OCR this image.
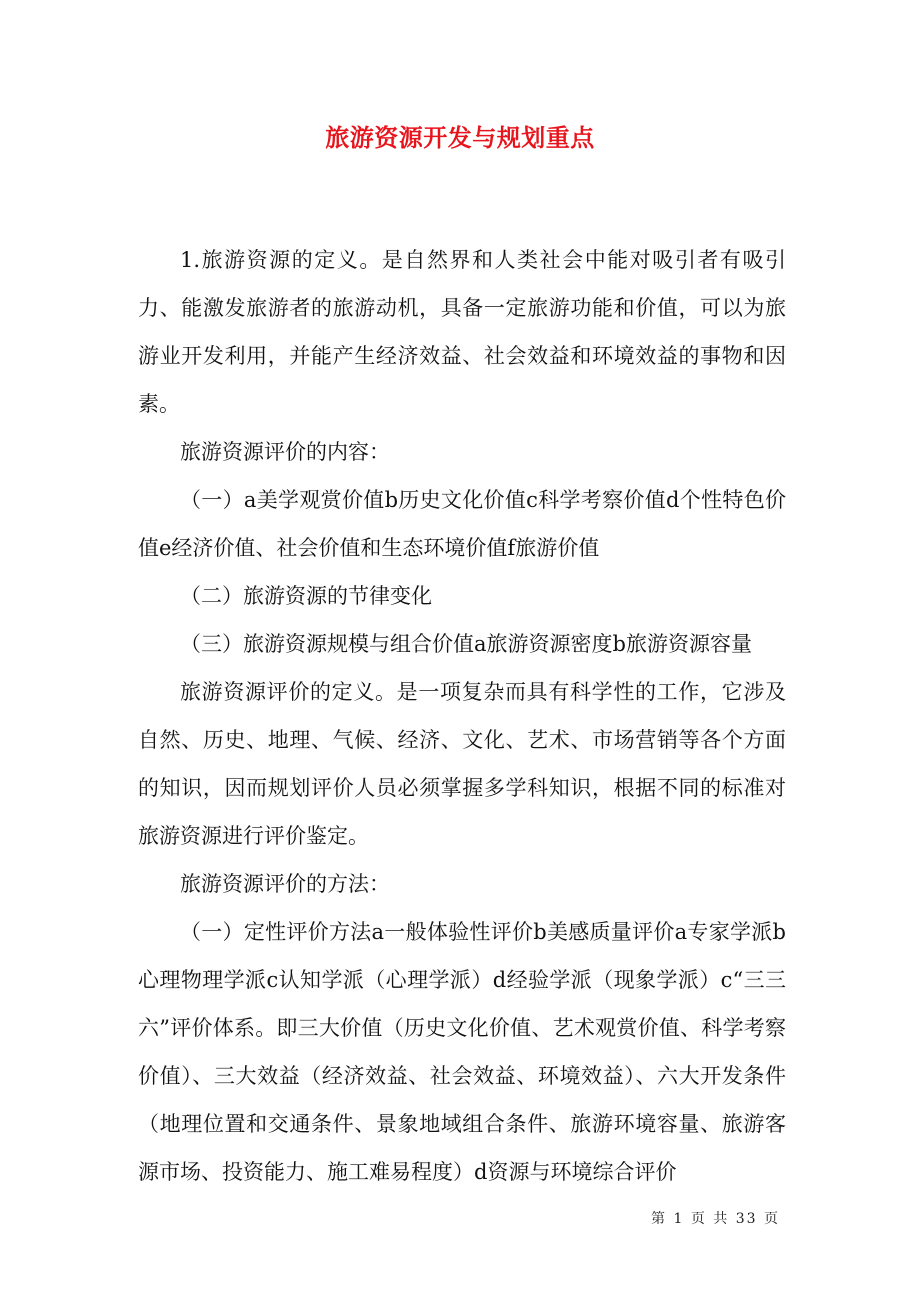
旅游资源开发与规划重点

1.旅游资源的定义。是自然界和人类社会中能对吸引者有吸引力、能激发旅游者的旅游动机，具备一定旅游功能和价值，可以为旅游业开发利用，并能产生经济效益、社会效益和环境效益的事物和因素。

旅游资源评价的内容：

（一）a美学观赏价值b历史文化价值c科学考察价值d个性特色价值e经济价值、社会价值和生态环境价值f旅游价值

（二）旅游资源的节律变化

（三）旅游资源规模与组合价值a旅游资源密度b旅游资源容量

旅游资源评价的定义。是一项复杂而具有科学性的工作，它涉及自然、历史、地理、气候、经济、文化、艺术、市场营销等各个方面的知识，因而规划评价人员必须掌握多学科知识，根据不同的标准对旅游资源进行评价鉴定。

旅游资源评价的方法：

（一）定性评价方法a一般体验性评价b美感质量评价a专家学派b心理物理学派c认知学派（心理学派）d经验学派（现象学派）c“三三六”评价体系。即三大价值（历史文化价值、艺术观赏价值、科学考察价值）、三大效益（经济效益、社会效益、环境效益）、六大开发条件（地理位置和交通条件、景象地域组合条件、旅游环境容量、旅游客源市场、投资能力、施工难易程度）d资源与环境综合评价

第 1 页 共 33 页
